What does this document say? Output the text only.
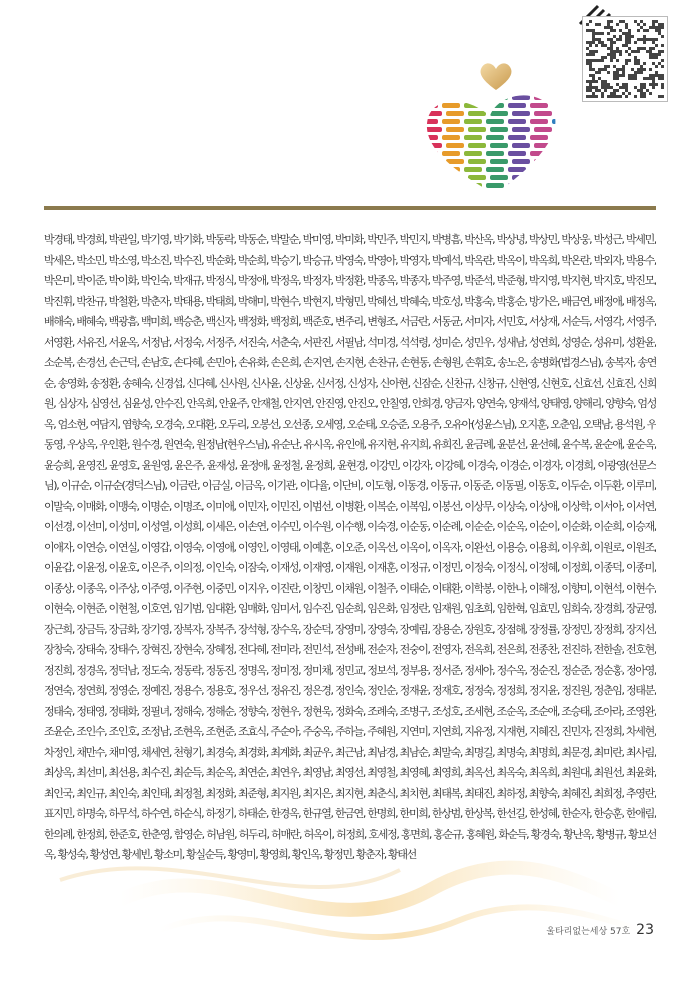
박경태, 박경희, 박관일, 박기영, 박기화, 박동락, 박동순, 박말순, 박미영, 박미화, 박민주, 박민지, 박병흠, 박산옥, 박상녕, 박상민, 박상웅, 박성근, 박세민, 박세은, 박소민, 박소영, 박소진, 박수진, 박순화, 박순희, 박승기, 박승규, 박영숙, 박영아, 박영자, 박예석, 박옥란, 박옥이, 박옥희, 박온란, 박외자, 박용수, 박은미, 박이준, 박이화, 박인숙, 박재규, 박정식, 박정애, 박정옥, 박정자, 박정환, 박종옥, 박종자, 박주영, 박준석, 박준형, 박지영, 박지현, 박지호, 박진모, 박진휘, 박찬규, 박철환, 박춘자, 박태용, 박태희, 박해미, 박현수, 박현지, 박형민, 박혜선, 박혜숙, 박호성, 박홍숙, 박홍순, 방가은, 배금연, 배정애, 배정옥, 배해숙, 배혜숙, 백광흠, 백미희, 백승춘, 백신자, 백정화, 백정희, 백준호, 변주리, 변형조, 서금란, 서동균, 서미자, 서민호, 서상재, 서순득, 서영각, 서영주, 서영환, 서유진, 서윤옥, 서정남, 서정숙, 서정주, 서진숙, 서춘숙, 서판진, 서필남, 석미경, 석석령, 성미순, 성민우, 성새남, 성연희, 성영순, 성유미, 성환윤, 소순복, 손경선, 손근덕, 손남호, 손다혜, 손민아, 손유화, 손은희, 손지연, 손지현, 손찬규, 손현동, 손형원, 손휘호, 송노은, 송병화(법경스님), 송복자, 송연순, 송영화, 송정환, 송혜숙, 신경섭, 신다혜, 신사원, 신사윤, 신상윤, 신서정, 신성자, 신아현, 신잠순, 신찬규, 신창규, 신현영, 신현호, 신효선, 신효진, 신희원, 심상자, 심영선, 심윤성, 안수진, 안옥희, 안윤주, 안재철, 안지연, 안진영, 안진오, 안칠영, 안희경, 양금자, 양연숙, 양재석, 양태영, 양해리, 양향숙, 엄성옥, 엄소현, 여담지, 염향숙, 오경숙, 오대환, 오두리, 오봉선, 오선종, 오세영, 오순태, 오승준, 오용주, 오유아(성윤스님), 오지훈, 오춘임, 오택남, 용석원, 우동영, 우상옥, 우인환, 원수경, 원연숙, 원정남(현우스님), 유순난, 유시옥, 유인애, 유지현, 유지희, 유희진, 윤금례, 윤분선, 윤선혜, 윤수복, 윤순애, 윤순옥, 윤승희, 윤영진, 윤영호, 윤원영, 윤은주, 윤재성, 윤정애, 윤정철, 윤정희, 윤현경, 이강민, 이강자, 이강혜, 이경숙, 이경순, 이경자, 이경희, 이광영(선문스님), 이규순, 이규순(경덕스님), 이금란, 이금실, 이금옥, 이기관, 이다율, 이단비, 이도형, 이동경, 이동규, 이동준, 이동필, 이동호, 이두순, 이두환, 이루미, 이말숙, 이매화, 이맹숙, 이명순, 이명조, 이미애, 이민자, 이민진, 이범선, 이병환, 이복순, 이복임, 이봉선, 이상무, 이상숙, 이상애, 이상학, 이서아, 이서연, 이선경, 이선미, 이성미, 이성열, 이성희, 이세은, 이손연, 이수민, 이수원, 이수행, 이숙경, 이순동, 이순례, 이순순, 이순옥, 이순이, 이순화, 이순희, 이승재, 이애자, 이연승, 이연실, 이영갑, 이영숙, 이영애, 이영인, 이영태, 이예훈, 이오준, 이옥선, 이옥이, 이옥자, 이완선, 이용승, 이용희, 이우희, 이원로, 이원조, 이윤갑, 이윤정, 이윤호, 이은주, 이의정, 이인숙, 이잠숙, 이재성, 이재영, 이재원, 이재훈, 이정규, 이정민, 이정숙, 이정식, 이정혜, 이정희, 이종덕, 이종미, 이종상, 이종옥, 이주상, 이주영, 이주현, 이중민, 이지우, 이진란, 이창민, 이채원, 이철주, 이태순, 이태환, 이학봉, 이한나, 이해정, 이향미, 이현석, 이현수, 이현숙, 이현준, 이현철, 이호연, 임기범, 임대환, 임매화, 임미서, 임수진, 임순희, 임은화, 임정란, 임재원, 임초희, 임한혁, 임효민, 임희숙, 장경희, 장균영, 장근희, 장금득, 장금화, 장기영, 장복자, 장복주, 장석형, 장수옥, 장순덕, 장영미, 장영숙, 장예림, 장용순, 장원호, 장점해, 장정률, 장정민, 장정희, 장지선, 장창숙, 장태숙, 장태수, 장혁진, 장현숙, 장혜정, 전다혜, 전미라, 전민석, 전성배, 전순자, 전숭이, 전영자, 전옥희, 전은희, 전종찬, 전진하, 전한솔, 전호현, 정진희, 정경옥, 정덕남, 정도숙, 정동락, 정동진, 정명옥, 정미정, 정미채, 정민교, 정보석, 정부용, 정서준, 정세아, 정수옥, 정순진, 정순준, 정순홍, 정아영, 정연숙, 정연희, 정영순, 정예진, 정용수, 정용호, 정우선, 정유진, 정은경, 정인숙, 정인순, 정재윤, 정재호, 정정숙, 정정희, 정지윤, 정진원, 정춘임, 정태분, 정태숙, 정태영, 정태화, 정필녀, 정해숙, 정해순, 정향숙, 정현우, 정현욱, 정화숙, 조례숙, 조병구, 조성호, 조세현, 조순옥, 조순애, 조승태, 조아라, 조영완, 조윤순, 조인수, 조인호, 조정남, 조현옥, 조현준, 조효식, 주순아, 주숭옥, 주하늘, 주혜원, 지연미, 지연희, 지유정, 지재현, 지혜진, 진민자, 진정희, 차세현, 차정인, 채만수, 채미영, 채세연, 천형기, 최경숙, 최경화, 최계화, 최균우, 최근남, 최남경, 최남순, 최말숙, 최명길, 최명숙, 최명희, 최문경, 최미란, 최사림, 최상옥, 최선미, 최선용, 최수진, 최순득, 최순옥, 최연순, 최연우, 최영남, 최영선, 최영철, 최영혜, 최영희, 최옥선, 최옥숙, 최옥희, 최원대, 최원선, 최윤화, 최인국, 최인규, 최인숙, 최인태, 최정철, 최정화, 최준형, 최지원, 최지은, 최지현, 최춘식, 최치현, 최태복, 최태진, 최하정, 최향숙, 최혜진, 최희정, 추영란, 표지민, 하명숙, 하무석, 하수연, 하순식, 하정기, 하태순, 한경옥, 한규열, 한금연, 한명희, 한미희, 한상범, 한상복, 한선길, 한성혜, 한순자, 한승훈, 한애림, 한의례, 한정희, 한준호, 한춘영, 함영순, 허남원, 허두리, 허매란, 허옥이, 허정희, 호세정, 홍면희, 홍순규, 홍혜원, 화순득, 황경숙, 황난옥, 황병규, 황보선옥, 황성숙, 황성연, 황세빈, 황소미, 황실순득, 황영미, 황영희, 황인옥, 황정민, 황춘자, 황태선

울타리없는세상 57호 23
